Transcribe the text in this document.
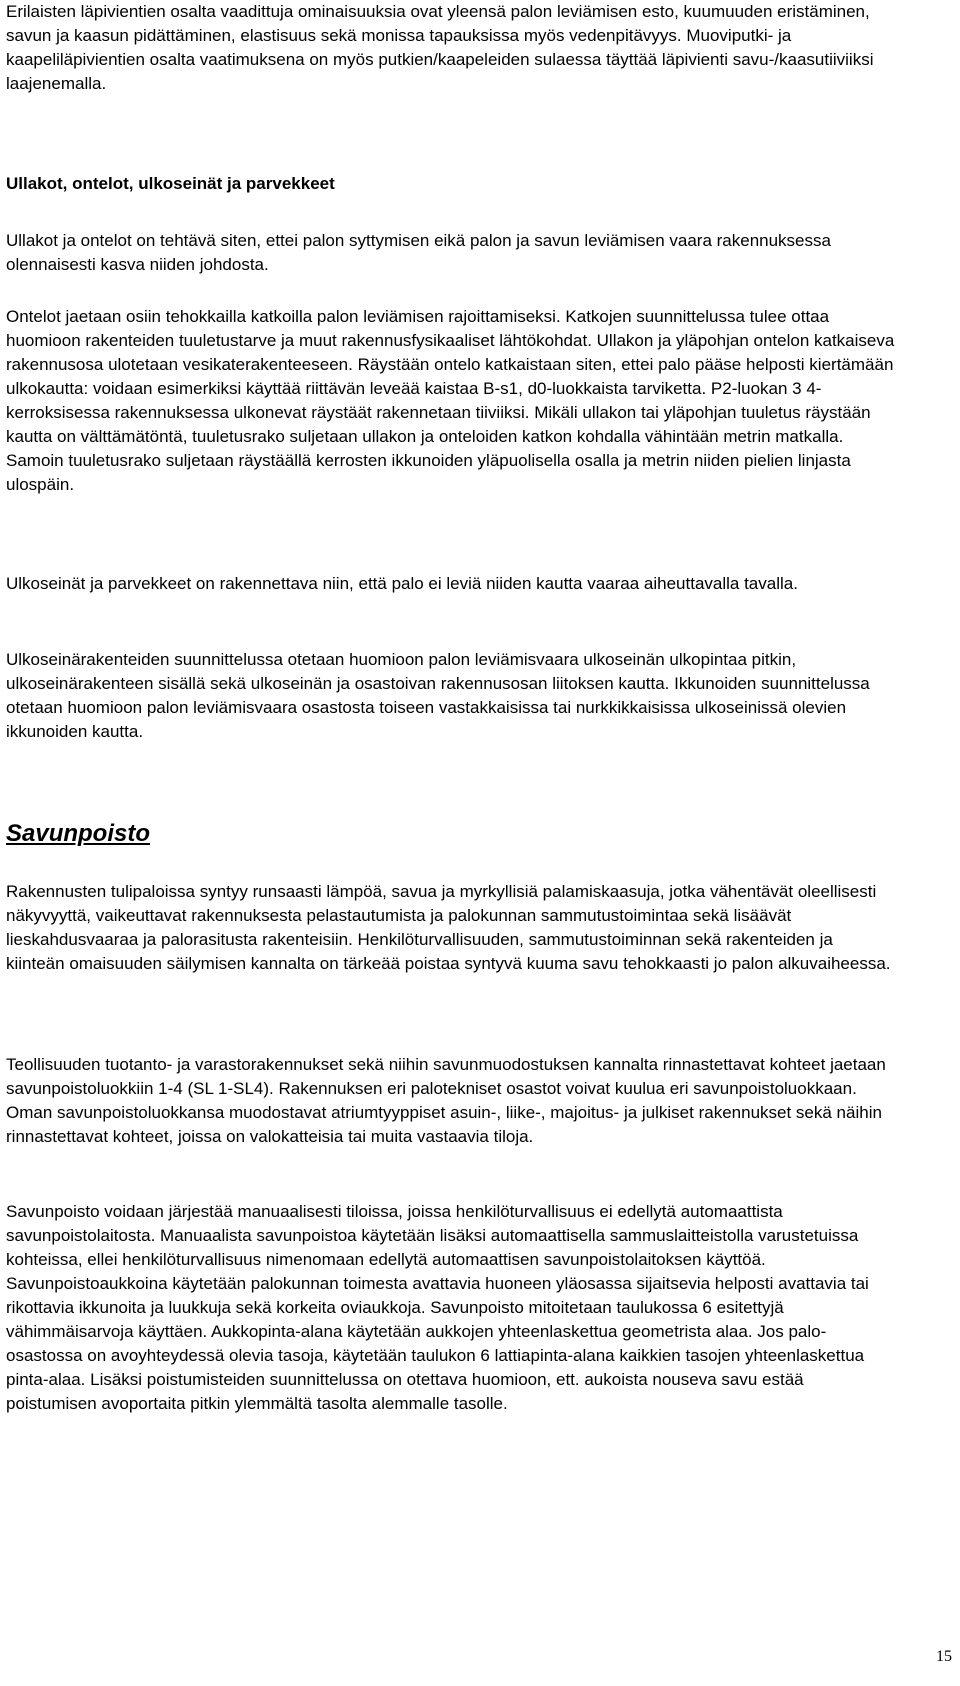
Erilaisten läpivientien osalta vaadittuja ominaisuuksia ovat yleensä palon leviämisen esto, kuumuuden eristäminen, savun ja kaasun pidättäminen, elastisuus sekä monissa tapauksissa myös vedenpitävyys. Muoviputki- ja kaapeliläpivientien osalta vaatimuksena on myös putkien/kaapeleiden sulaessa täyttää läpivienti savu-/kaasutiiviiksi laajenemalla.

Ullakot, ontelot, ulkoseinät ja parvekkeet

Ullakot ja ontelot on tehtävä siten, ettei palon syttymisen eikä palon ja savun leviämisen vaara rakennuksessa olennaisesti kasva niiden johdosta.

Ontelot jaetaan osiin tehokkailla katkoilla palon leviämisen rajoittamiseksi. Katkojen suunnittelussa tulee ottaa huomioon rakenteiden tuuletustarve ja muut rakennusfysikaaliset lähtökohdat. Ullakon ja yläpohjan ontelon katkaiseva rakennusosa ulotetaan vesikaterakenteeseen. Räystään ontelo katkaistaan siten, ettei palo pääse helposti kiertämään ulkokautta: voidaan esimerkiksi käyttää riittävän leveää kaistaa B-s1, d0-luokkaista tarviketta. P2-luokan 3 4-kerroksisessa rakennuksessa ulkonevat räystäät rakennetaan tiiviiksi. Mikäli ullakon tai yläpohjan tuuletus räystään kautta on välttämätöntä, tuuletusrako suljetaan ullakon ja onteloiden katkon kohdalla vähintään metrin matkalla. Samoin tuuletusrako suljetaan räystäällä kerrosten ikkunoiden yläpuolisella osalla ja metrin niiden pielien linjasta ulospäin.

Ulkoseinät ja parvekkeet on rakennettava niin, että palo ei leviä niiden kautta vaaraa aiheuttavalla tavalla.

Ulkoseinärakenteiden suunnittelussa otetaan huomioon palon leviämisvaara ulkoseinän ulkopintaa pitkin, ulkoseinärakenteen sisällä sekä ulkoseinän ja osastoivan rakennusosan liitoksen kautta. Ikkunoiden suunnittelussa otetaan huomioon palon leviämisvaara osastosta toiseen vastakkaisissa tai nurkkikkaisissa ulkoseinissä olevien ikkunoiden kautta.

Savunpoisto

Rakennusten tulipaloissa syntyy runsaasti lämpöä, savua ja myrkyllisiä palamiskaasuja, jotka vähentävät oleellisesti näkyvyyttä, vaikeuttavat rakennuksesta pelastautumista ja palokunnan sammutustoimintaa sekä lisäävät lieskahdusvaaraa ja palorasitusta rakenteisiin. Henkilöturvallisuuden, sammutustoiminnan sekä rakenteiden ja kiinteän omaisuuden säilymisen kannalta on tärkeää poistaa syntyvä kuuma savu tehokkaasti jo palon alkuvaiheessa.

Teollisuuden tuotanto- ja varastorakennukset sekä niihin savunmuodostuksen kannalta rinnastettavat kohteet jaetaan savunpoistoluokkiin 1-4 (SL 1-SL4). Rakennuksen eri palotekniset osastot voivat kuulua eri savunpoistoluokkaan. Oman savunpoistoluokkansa muodostavat atriumtyyppiset asuin-, liike-, majoitus- ja julkiset rakennukset sekä näihin rinnastettavat kohteet, joissa on valokatteisia tai muita vastaavia tiloja.

Savunpoisto voidaan järjestää manuaalisesti tiloissa, joissa henkilöturvallisuus ei edellytä automaattista savunpoistolaitosta. Manuaalista savunpoistoa käytetään lisäksi automaattisella sammuslaitteistolla varustetuissa kohteissa, ellei henkilöturvallisuus nimenomaan edellytä automaattisen savunpoistolaitoksen käyttöä. Savunpoistoaukkoina käytetään palokunnan toimesta avattavia huoneen yläosassa sijaitsevia helposti avattavia tai rikottavia ikkunoita ja luukkuja sekä korkeita oviaukkoja. Savunpoisto mitoitetaan taulukossa 6 esitettyjä vähimmäisarvoja käyttäen. Aukkopinta-alana käytetään aukkojen yhteenlaskettua geometrista alaa. Jos palo-osastossa on avoyhteydessä olevia tasoja, käytetään taulukon 6 lattiapinta-alana kaikkien tasojen yhteenlaskettua pinta-alaa. Lisäksi poistumisteiden suunnittelussa on otettava huomioon, ett. aukoista nouseva savu estää poistumisen avoportaita pitkin ylemmältä tasolta alemmalle tasolle.

15
